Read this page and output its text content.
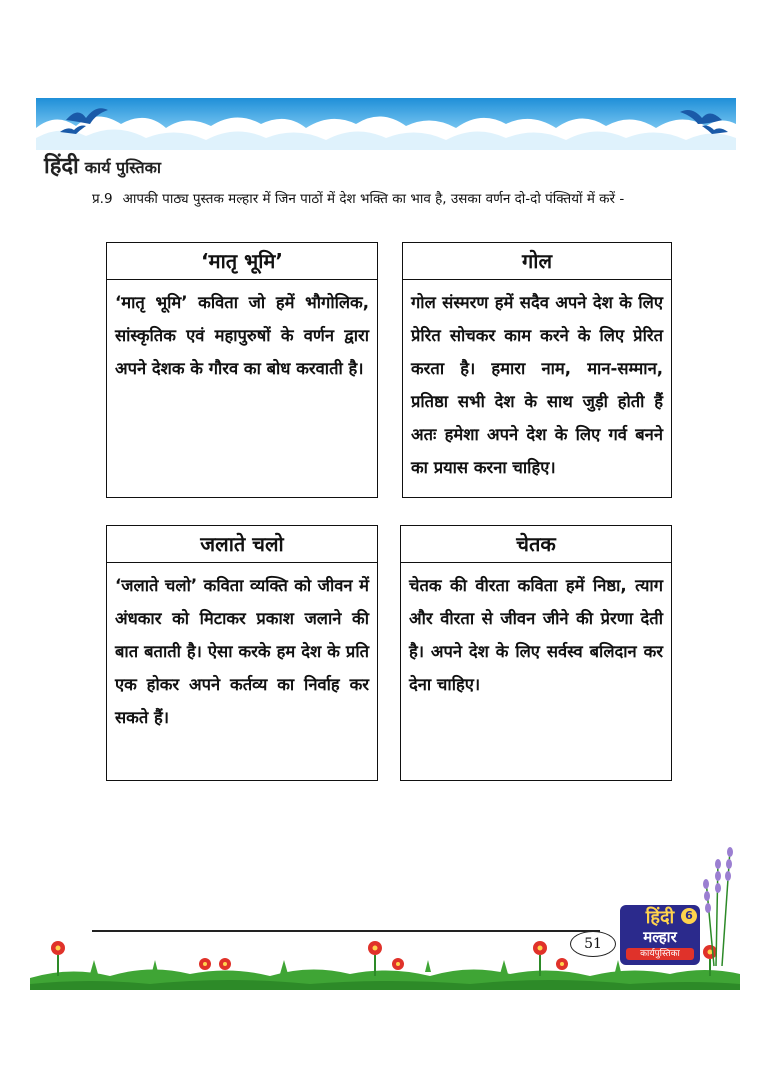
हिंदी कार्य पुस्तिका
प्र.9 आपकी पाठ्य पुस्तक मल्हार में जिन पाठों में देश भक्ति का भाव है, उसका वर्णन दो-दो पंक्तियों में करें -
‘मातृ भूमि’
‘मातृ भूमि’ कविता जो हमें भौगोलिक, सांस्कृतिक एवं महापुरुषों के वर्णन द्वारा अपने देशक के गौरव का बोध करवाती है।
गोल
गोल संस्मरण हमें सदैव अपने देश के लिए प्रेरित सोचकर काम करने के लिए प्रेरित करता है। हमारा नाम, मान-सम्मान, प्रतिष्ठा सभी देश के साथ जुड़ी होती हैं अतः हमेशा अपने देश के लिए गर्व बनने का प्रयास करना चाहिए।
जलाते चलो
‘जलाते चलो’ कविता व्यक्ति को जीवन में अंधकार को मिटाकर प्रकाश जलाने की बात बताती है। ऐसा करके हम देश के प्रति एक होकर अपने कर्तव्य का निर्वाह कर सकते हैं।
चेतक
चेतक की वीरता कविता हमें निष्ठा, त्याग और वीरता से जीवन जीने की प्रेरणा देती है। अपने देश के लिए सर्वस्व बलिदान कर देना चाहिए।
51
हिंदी 6
मल्हार
कार्यपुस्तिका
